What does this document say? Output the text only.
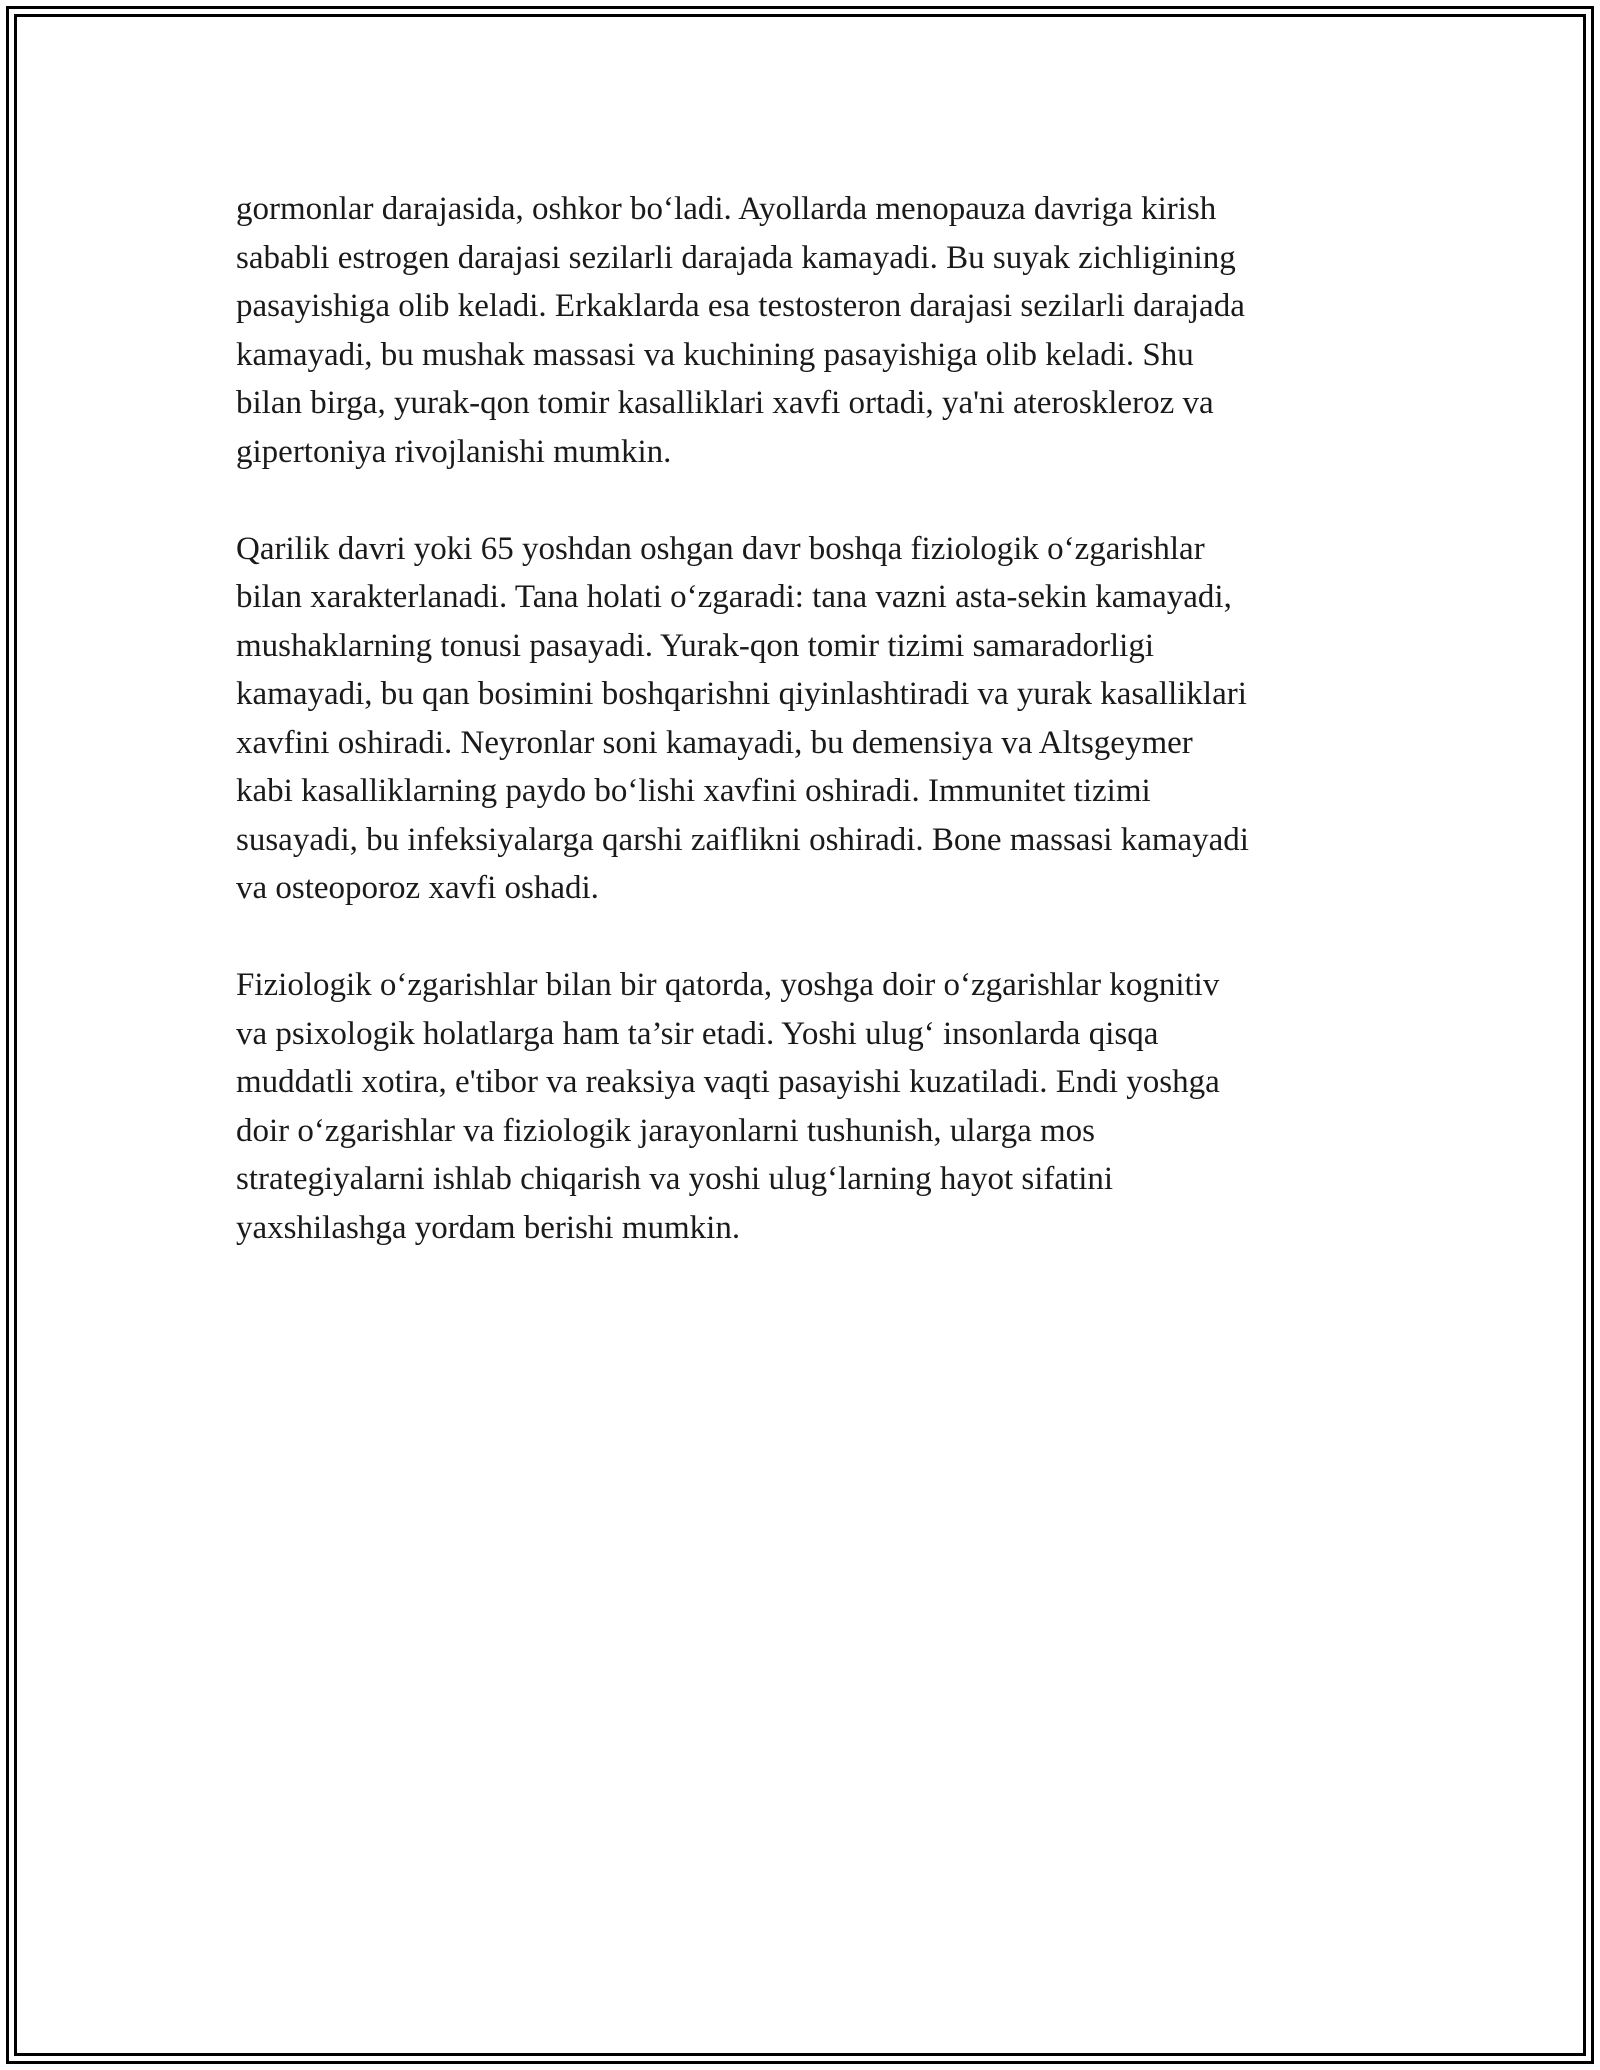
gormonlar darajasida, oshkor bo‘ladi. Ayollarda menopauza davriga kirish
sababli estrogen darajasi sezilarli darajada kamayadi. Bu suyak zichligining
pasayishiga olib keladi. Erkaklarda esa testosteron darajasi sezilarli darajada
kamayadi, bu mushak massasi va kuchining pasayishiga olib keladi. Shu
bilan birga, yurak-qon tomir kasalliklari xavfi ortadi, ya'ni ateroskleroz va
gipertoniya rivojlanishi mumkin.

Qarilik davri yoki 65 yoshdan oshgan davr boshqa fiziologik o‘zgarishlar
bilan xarakterlanadi. Tana holati o‘zgaradi: tana vazni asta-sekin kamayadi,
mushaklarning tonusi pasayadi. Yurak-qon tomir tizimi samaradorligi
kamayadi, bu qan bosimini boshqarishni qiyinlashtiradi va yurak kasalliklari
xavfini oshiradi. Neyronlar soni kamayadi, bu demensiya va Altsgeymer
kabi kasalliklarning paydo bo‘lishi xavfini oshiradi. Immunitet tizimi
susayadi, bu infeksiyalarga qarshi zaiflikni oshiradi. Bone massasi kamayadi
va osteoporoz xavfi oshadi.

Fiziologik o‘zgarishlar bilan bir qatorda, yoshga doir o‘zgarishlar kognitiv
va psixologik holatlarga ham ta’sir etadi. Yoshi ulug‘ insonlarda qisqa
muddatli xotira, e'tibor va reaksiya vaqti pasayishi kuzatiladi. Endi yoshga
doir o‘zgarishlar va fiziologik jarayonlarni tushunish, ularga mos
strategiyalarni ishlab chiqarish va yoshi ulug‘larning hayot sifatini
yaxshilashga yordam berishi mumkin.
